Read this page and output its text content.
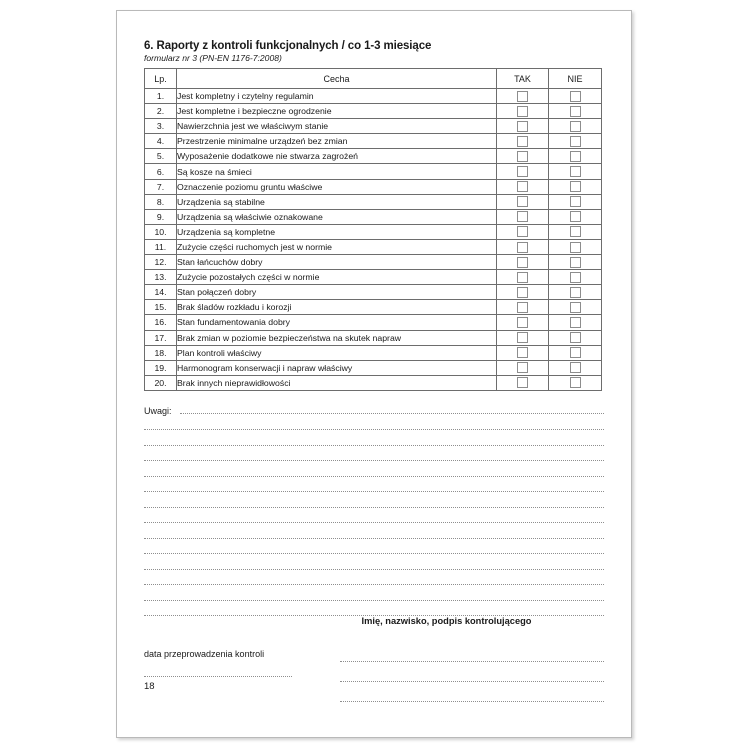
6. Raporty z kontroli funkcjonalnych / co 1-3 miesiące
formularz nr 3 (PN-EN 1176-7:2008)
Lp.	Cecha	TAK	NIE
1.	Jest kompletny i czytelny regulamin		
2.	Jest kompletne i bezpieczne ogrodzenie		
3.	Nawierzchnia jest we właściwym stanie		
4.	Przestrzenie minimalne urządzeń bez zmian		
5.	Wyposażenie dodatkowe nie stwarza zagrożeń		
6.	Są kosze na śmieci		
7.	Oznaczenie poziomu gruntu właściwe		
8.	Urządzenia są stabilne		
9.	Urządzenia są właściwie oznakowane		
10.	Urządzenia są kompletne		
11.	Zużycie części ruchomych jest w normie		
12.	Stan łańcuchów dobry		
13.	Zużycie pozostałych części w normie		
14.	Stan połączeń dobry		
15.	Brak śladów rozkładu i korozji		
16.	Stan fundamentowania dobry		
17.	Brak zmian w poziomie bezpieczeństwa na skutek napraw		
18.	Plan kontroli właściwy		
19.	Harmonogram konserwacji i napraw właściwy		
20.	Brak innych nieprawidłowości		
Uwagi:
Imię, nazwisko, podpis kontrolującego
data przeprowadzenia kontroli
18
